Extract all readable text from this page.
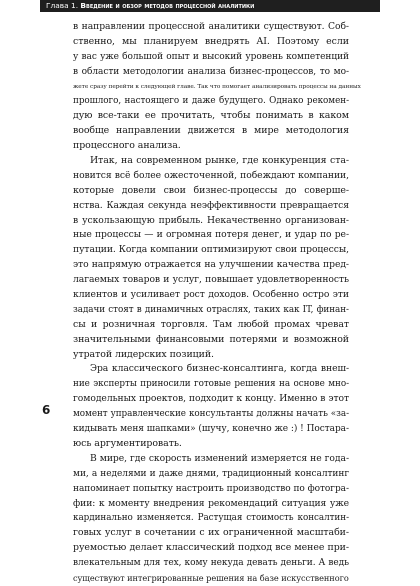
Глава 1. Введение и обзор методов процессной аналитики
в направлении процессной аналитики существуют. Соб-
ственно, мы планируем внедрять AI. Поэтому если
у вас уже большой опыт и высокий уровень компетенций
в области методологии анализа бизнес-процессов, то мо-
жете сразу перейти к следующей главе. Так что помогает анализировать процессы на данных
прошлого, настоящего и даже будущего. Однако рекомен-
дую все-таки ее прочитать, чтобы понимать в каком
вообще направлении движется в мире методология
процессного анализа.
Итак, на современном рынке, где конкуренция ста-
новится всё более ожесточенной, побеждают компании,
которые довели свои бизнес-процессы до соверше-
нства. Каждая секунда неэффективности превращается
в ускользающую прибыль. Некачественно организован-
ные процессы — и огромная потеря денег, и удар по ре-
путации. Когда компании оптимизируют свои процессы,
это напрямую отражается на улучшении качества пред-
лагаемых товаров и услуг, повышает удовлетворенность
клиентов и усиливает рост доходов. Особенно остро эти
задачи стоят в динамичных отраслях, таких как IT, финан-
сы и розничная торговля. Там любой промах чреват
значительными финансовыми потерями и возможной
утратой лидерских позиций.
Эра классического бизнес-консалтинга, когда внеш-
ние эксперты приносили готовые решения на основе мно-
гомодельных проектов, подходит к концу. Именно в этот
момент управленческие консультанты должны начать «за-
кидывать меня шапками» (шучу, конечно же :) ! Постара-
юсь аргументировать.
В мире, где скорость изменений измеряется не года-
ми, а неделями и даже днями, традиционный консалтинг
напоминает попытку настроить производство по фотогра-
фии: к моменту внедрения рекомендаций ситуация уже
кардинально изменяется. Растущая стоимость консалтин-
говых услуг в сочетании с их ограниченной масштаби-
руемостью делает классический подход все менее при-
влекательным для тех, кому некуда девать деньги. А ведь
существуют интегрированные решения на базе искусственного
6
